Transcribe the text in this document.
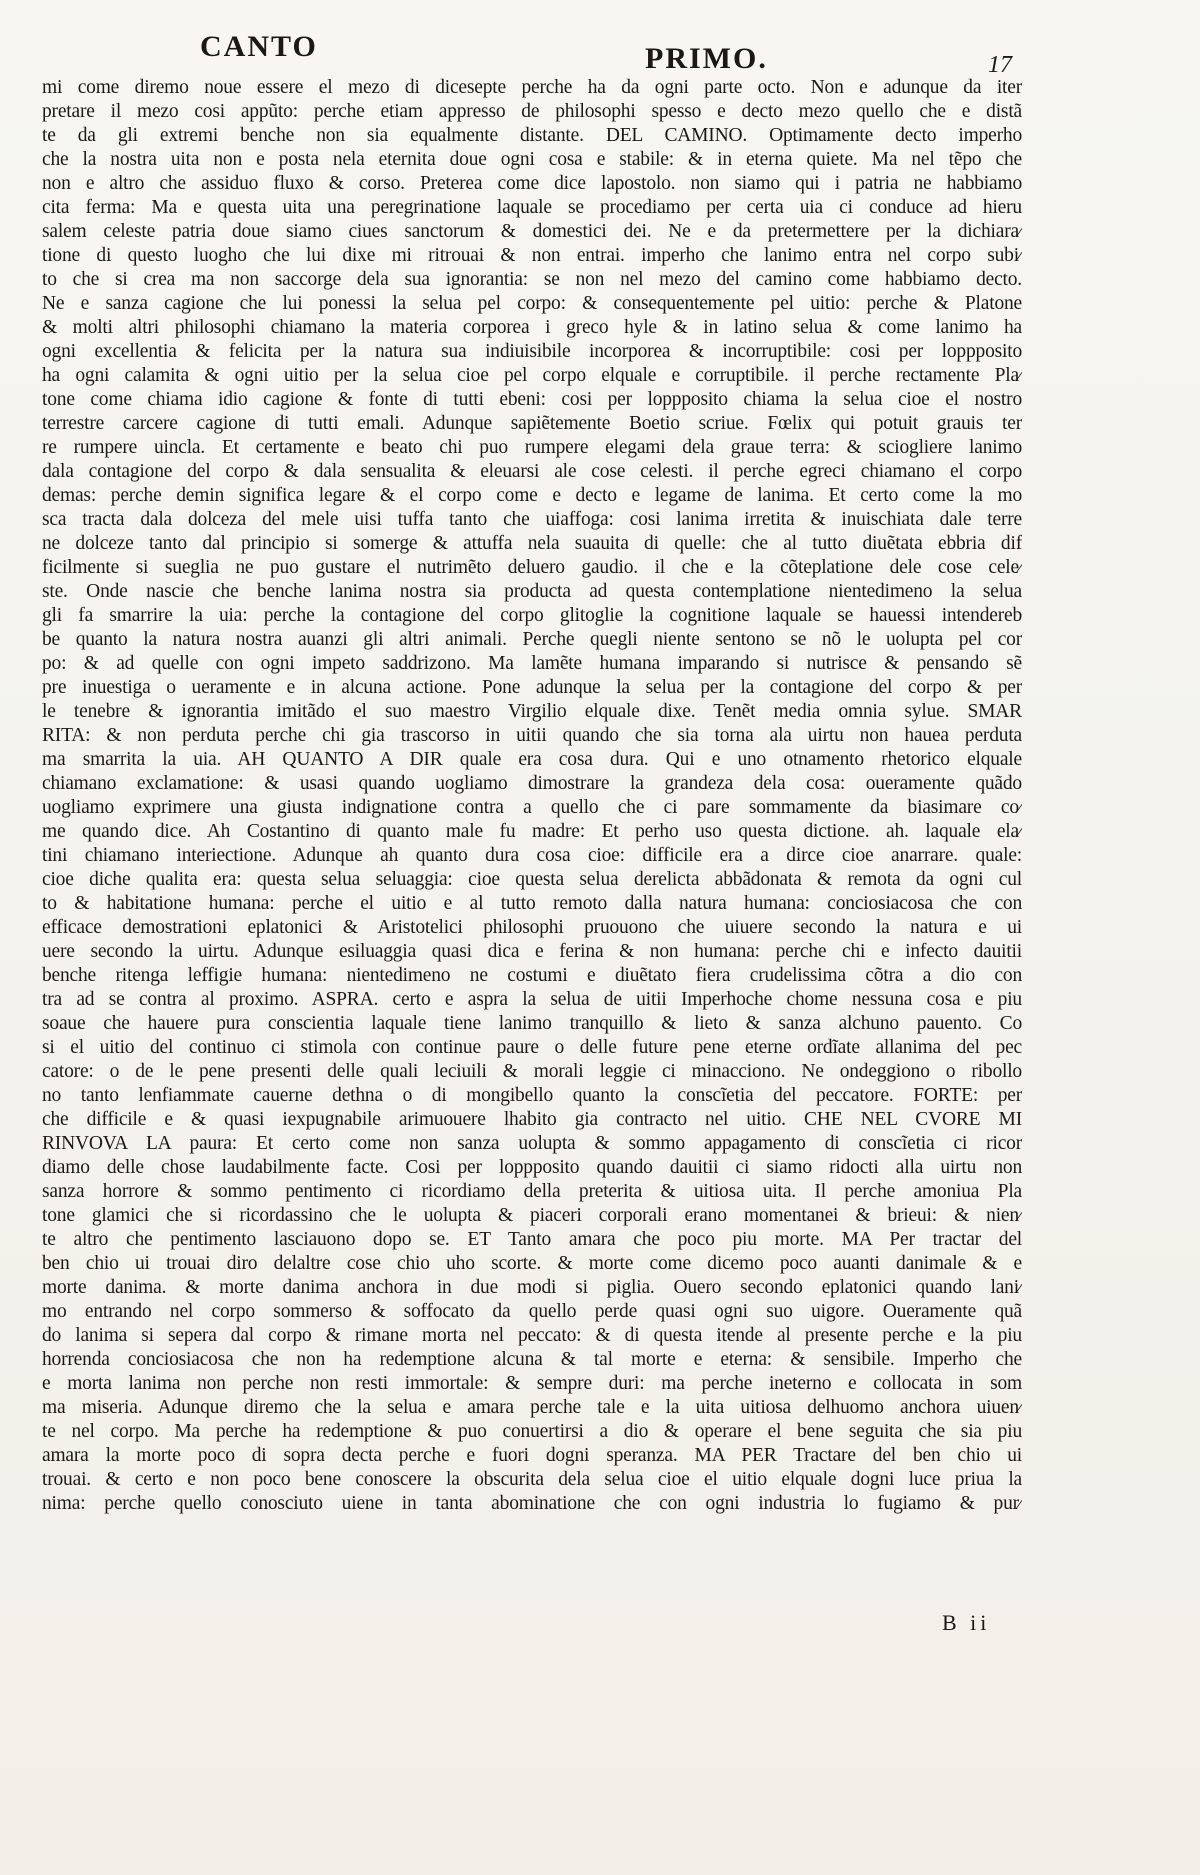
CANTO	PRIMO.	17
mi come diremo noue essere el mezo di dicesepte perche ha da ogni parte octo. Non e adunque da iter
pretare il mezo cosi appũto: perche etiam appresso de philosophi spesso e decto mezo quello che e distã
te da gli extremi benche non sia equalmente distante. DEL CAMINO. Optimamente decto imperho
che la nostra uita non e posta nela eternita doue ogni cosa e stabile: & in eterna quiete. Ma nel tẽpo che
non e altro che assiduo fluxo & corso. Preterea come dice lapostolo. non siamo qui i patria ne habbiamo
cita ferma: Ma e questa uita una peregrinatione laquale se procediamo per certa uia ci conduce ad hieru
salem celeste patria doue siamo ciues sanctorum & domestici dei. Ne e da pretermettere per la dichiara⁄
tione di questo luogho che lui dixe mi ritrouai & non entrai. imperho che lanimo entra nel corpo subi⁄
to che si crea ma non saccorge dela sua ignorantia: se non nel mezo del camino come habbiamo decto.
Ne e sanza cagione che lui ponessi la selua pel corpo: & consequentemente pel uitio: perche & Platone
& molti altri philosophi chiamano la materia corporea i greco hyle & in latino selua & come lanimo ha
ogni excellentia & felicita per la natura sua indiuisibile incorporea & incorruptibile: cosi per loppposito
ha ogni calamita & ogni uitio per la selua cioe pel corpo elquale e corruptibile. il perche rectamente Pla⁄
tone come chiama idio cagione & fonte di tutti ebeni: cosi per loppposito chiama la selua cioe el nostro
terrestre carcere cagione di tutti emali. Adunque sapiẽtemente Boetio scriue. Fœlix qui potuit grauis ter
re rumpere uincla. Et certamente e beato chi puo rumpere elegami dela graue terra: & sciogliere lanimo
dala contagione del corpo & dala sensualita & eleuarsi ale cose celesti. il perche egreci chiamano el corpo
demas: perche demin significa legare & el corpo come e decto e legame de lanima. Et certo come la mo
sca tracta dala dolceza del mele uisi tuffa tanto che uiaffoga: cosi lanima irretita & inuischiata dale terre
ne dolceze tanto dal principio si somerge & attuffa nela suauita di quelle: che al tutto diuẽtata ebbria dif
ficilmente si sueglia ne puo gustare el nutrimẽto deluero gaudio. il che e la cõteplatione dele cose cele⁄
ste. Onde nascie che benche lanima nostra sia producta ad questa contemplatione nientedimeno la selua
gli fa smarrire la uia: perche la contagione del corpo glitoglie la cognitione laquale se hauessi intendereb
be quanto la natura nostra auanzi gli altri animali. Perche quegli niente sentono se nõ le uolupta pel cor
po: & ad quelle con ogni impeto saddrizono. Ma lamẽte humana imparando si nutrisce & pensando sẽ
pre inuestiga o ueramente e in alcuna actione. Pone adunque la selua per la contagione del corpo & per
le tenebre & ignorantia imitãdo el suo maestro Virgilio elquale dixe. Tenẽt media omnia sylue. SMAR
RITA: & non perduta perche chi gia trascorso in uitii quando che sia torna ala uirtu non hauea perduta
ma smarrita la uia. AH QUANTO A DIR quale era cosa dura. Qui e uno otnamento rhetorico elquale
chiamano exclamatione: & usasi quando uogliamo dimostrare la grandeza dela cosa: oueramente quãdo
uogliamo exprimere una giusta indignatione contra a quello che ci pare sommamente da biasimare co⁄
me quando dice. Ah Costantino di quanto male fu madre: Et perho uso questa dictione. ah. laquale ela⁄
tini chiamano interiectione. Adunque ah quanto dura cosa cioe: difficile era a dirce cioe anarrare. quale:
cioe diche qualita era: questa selua seluaggia: cioe questa selua derelicta abbãdonata & remota da ogni cul
to & habitatione humana: perche el uitio e al tutto remoto dalla natura humana: conciosiacosa che con
efficace demostrationi eplatonici & Aristotelici philosophi pruouono che uiuere secondo la natura e ui
uere secondo la uirtu. Adunque esiluaggia quasi dica e ferina & non humana: perche chi e infecto dauitii
benche ritenga leffigie humana: nientedimeno ne costumi e diuẽtato fiera crudelissima cõtra a dio con
tra ad se contra al proximo. ASPRA. certo e aspra la selua de uitii Imperhoche chome nessuna cosa e piu
soaue che hauere pura conscientia laquale tiene lanimo tranquillo & lieto & sanza alchuno pauento. Co
si el uitio del continuo ci stimola con continue paure o delle future pene eterne ordĩate allanima del pec
catore: o de le pene presenti delle quali leciuili & morali leggie ci minacciono. Ne ondeggiono o ribollo
no tanto lenfiammate cauerne dethna o di mongibello quanto la conscĩetia del peccatore. FORTE: per
che difficile e & quasi iexpugnabile arimuouere lhabito gia contracto nel uitio. CHE NEL CVORE MI
RINVOVA LA paura: Et certo come non sanza uolupta & sommo appagamento di conscĩetia ci ricor
diamo delle chose laudabilmente facte. Cosi per loppposito quando dauitii ci siamo ridocti alla uirtu non
sanza horrore & sommo pentimento ci ricordiamo della preterita & uitiosa uita. Il perche amoniua Pla
tone glamici che si ricordassino che le uolupta & piaceri corporali erano momentanei & brieui: & nien⁄
te altro che pentimento lasciauono dopo se. ET Tanto amara che poco piu morte. MA Per tractar del
ben chio ui trouai diro delaltre cose chio uho scorte. & morte come dicemo poco auanti danimale & e
morte danima. & morte danima anchora in due modi si piglia. Ouero secondo eplatonici quando lani⁄
mo entrando nel corpo sommerso & soffocato da quello perde quasi ogni suo uigore. Oueramente quã
do lanima si sepera dal corpo & rimane morta nel peccato: & di questa itende al presente perche e la piu
horrenda conciosiacosa che non ha redemptione alcuna & tal morte e eterna: & sensibile. Imperho che
e morta lanima non perche non resti immortale: & sempre duri: ma perche ineterno e collocata in som
ma miseria. Adunque diremo che la selua e amara perche tale e la uita uitiosa delhuomo anchora uiuen⁄
te nel corpo. Ma perche ha redemptione & puo conuertirsi a dio & operare el bene seguita che sia piu
amara la morte poco di sopra decta perche e fuori dogni speranza. MA PER Tractare del ben chio ui
trouai. & certo e non poco bene conoscere la obscurita dela selua cioe el uitio elquale dogni luce priua la
nima: perche quello conosciuto uiene in tanta abominatione che con ogni industria lo fugiamo & pur⁄
B ii
